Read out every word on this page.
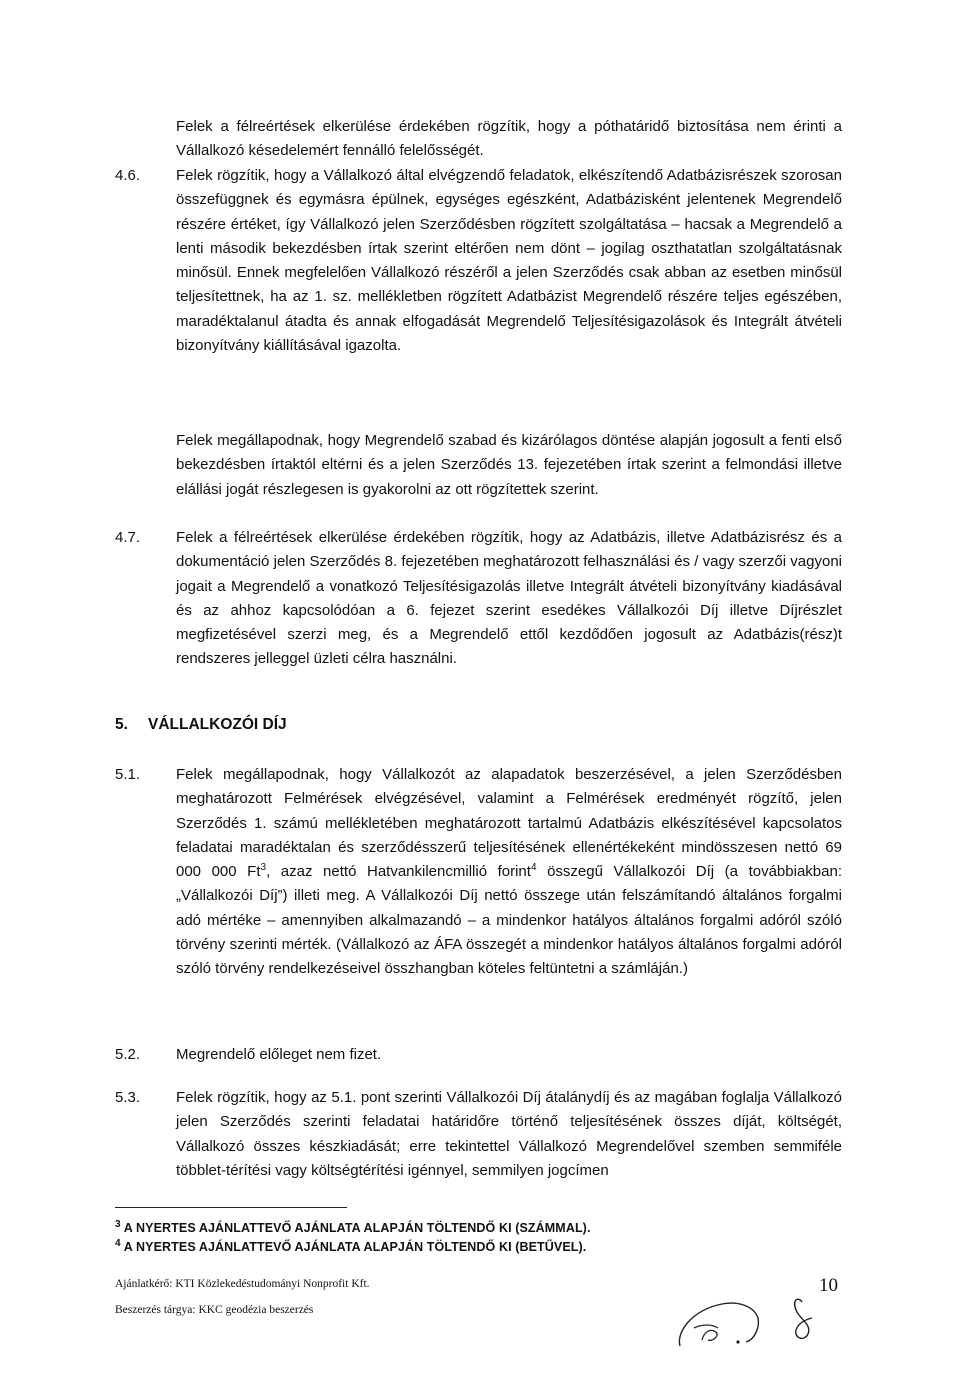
Felek a félreértések elkerülése érdekében rögzítik, hogy a póthatáridő biztosítása nem érinti a Vállalkozó késedelemért fennálló felelősségét.
4.6. Felek rögzítik, hogy a Vállalkozó által elvégzendő feladatok, elkészítendő Adatbázisrészek szorosan összefüggnek és egymásra épülnek, egységes egészként, Adatbázisként jelentenek Megrendelő részére értéket, így Vállalkozó jelen Szerződésben rögzített szolgáltatása – hacsak a Megrendelő a lenti második bekezdésben írtak szerint eltérően nem dönt – jogilag oszthatatlan szolgáltatásnak minősül. Ennek megfelelően Vállalkozó részéről a jelen Szerződés csak abban az esetben minősül teljesítettnek, ha az 1. sz. mellékletben rögzített Adatbázist Megrendelő részére teljes egészében, maradéktalanul átadta és annak elfogadását Megrendelő Teljesítésigazolások és Integrált átvételi bizonyítvány kiállításával igazolta.
Felek megállapodnak, hogy Megrendelő szabad és kizárólagos döntése alapján jogosult a fenti első bekezdésben írtaktól eltérni és a jelen Szerződés 13. fejezetében írtak szerint a felmondási illetve elállási jogát részlegesen is gyakorolni az ott rögzítettek szerint.
4.7. Felek a félreértések elkerülése érdekében rögzítik, hogy az Adatbázis, illetve Adatbázisrész és a dokumentáció jelen Szerződés 8. fejezetében meghatározott felhasználási és / vagy szerzői vagyoni jogait a Megrendelő a vonatkozó Teljesítésigazolás illetve Integrált átvételi bizonyítvány kiadásával és az ahhoz kapcsolódóan a 6. fejezet szerint esedékes Vállalkozói Díj illetve Díjrészlet megfizetésével szerzi meg, és a Megrendelő ettől kezdődően jogosult az Adatbázis(rész)t rendszeres jelleggel üzleti célra használni.
5. VÁLLALKOZÓI DÍJ
5.1. Felek megállapodnak, hogy Vállalkozót az alapadatok beszerzésével, a jelen Szerződésben meghatározott Felmérések elvégzésével, valamint a Felmérések eredményét rögzítő, jelen Szerződés 1. számú mellékletében meghatározott tartalmú Adatbázis elkészítésével kapcsolatos feladatai maradéktalan és szerződésszerű teljesítésének ellenértékeként mindösszesen nettó 69 000 000 Ft$^3$, azaz nettó Hatvankilencmillió forint$^4$ összegű Vállalkozói Díj (a továbbiakban: „Vállalkozói Díj”) illeti meg. A Vállalkozói Díj nettó összege után felszámítandó általános forgalmi adó mértéke – amennyiben alkalmazandó – a mindenkor hatályos általános forgalmi adóról szóló törvény szerinti mérték. (Vállalkozó az ÁFA összegét a mindenkor hatályos általános forgalmi adóról szóló törvény rendelkezéseivel összhangban köteles feltüntetni a számláján.)
5.2. Megrendelő előleget nem fizet.
5.3. Felek rögzítik, hogy az 5.1. pont szerinti Vállalkozói Díj átalánydíj és az magában foglalja Vállalkozó jelen Szerződés szerinti feladatai határidőre történő teljesítésének összes díját, költségét, Vállalkozó összes készkiadását; erre tekintettel Vállalkozó Megrendelővel szemben semmiféle többlet-térítési vagy költségtérítési igénnyel, semmilyen jogcímen
$^3$ A NYERTES AJÁNLATTEVŐ AJÁNLATA ALAPJÁN TÖLTENDŐ KI (SZÁMMAL).
$^4$ A NYERTES AJÁNLATTEVŐ AJÁNLATA ALAPJÁN TÖLTENDŐ KI (BETŰVEL).
Ajánlatkérő: KTI Közlekedéstudományi Nonprofit Kft.
Beszerzés tárgya: KKC geodézia beszerzés
10
